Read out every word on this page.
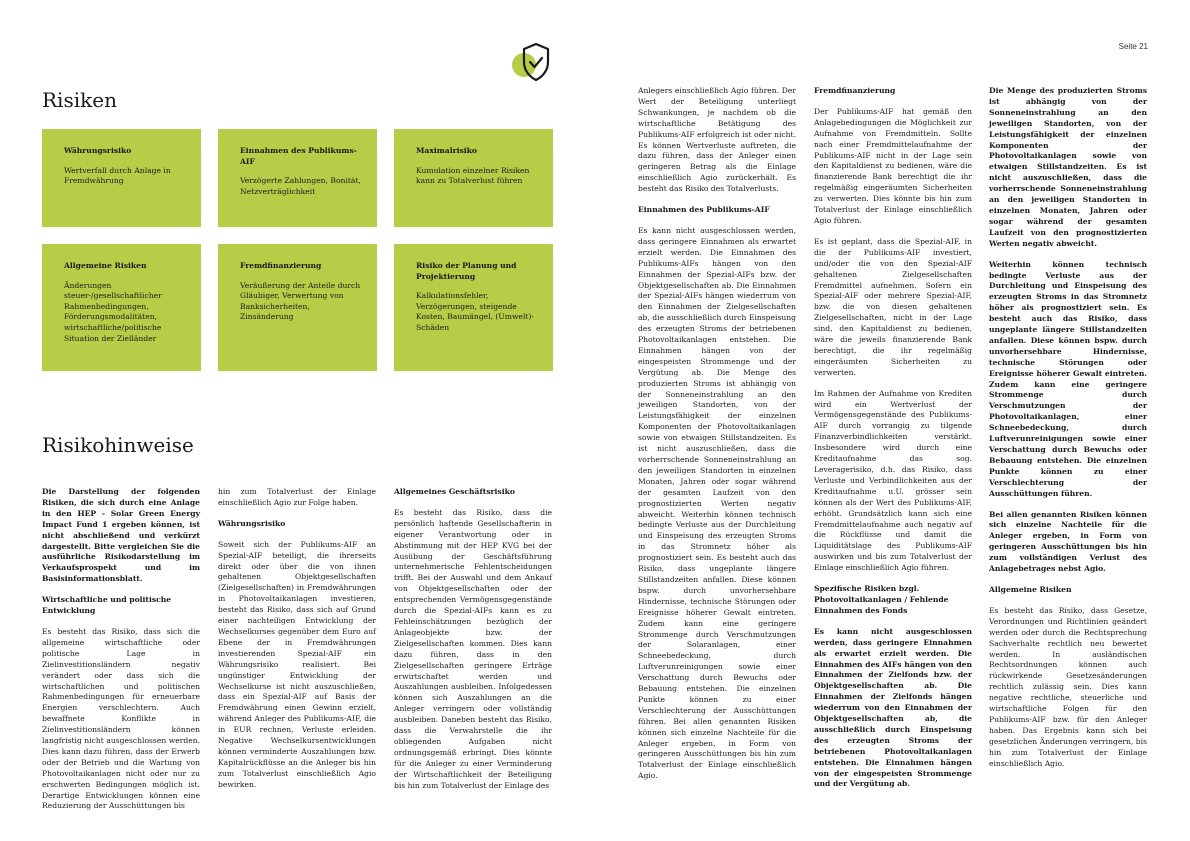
Risiken
Währungsrisiko
Wertverfall durch Anlage in Fremdwährung
Einnahmen des Publikums-AIF
Verzögerte Zahlungen, Bonität, Netzverträglichkeit
Maximalrisiko
Kumulation einzelner Risiken kann zu Totalverlust führen
Allgemeine Risiken
Änderungen steuer-/gesellschaftlicher Rahmenbedingungen, Förderungsmodalitäten, wirtschaftliche/politische Situation der Zielländer
Fremdfinanzierung
Veräußerung der Anteile durch Gläubiger, Verwertung von Banksicherheiten, Zinsänderung
Risiko der Planung und Projektierung
Kalkulationsfehler, Verzögerungen, steigende Kosten, Baumängel, (Umwelt)-Schäden
Risikohinweise

Die Darstellung der folgenden Risiken, die sich durch eine Anlage in den HEP - Solar Green Energy Impact Fund 1 ergeben können, ist nicht abschließend und verkürzt dargestellt. Bitte vergleichen Sie die ausführliche Risikodarstellung im Verkaufsprospekt und im Basisinformationsblatt.

Wirtschaftliche und politische Entwicklung

Es besteht das Risiko, dass sich die allgemeine wirtschaftliche oder politische Lage in Zielinvestitionsländern negativ verändert oder dass sich die wirtschaftlichen und politischen Rahmenbedingungen für erneuerbare Energien verschlechtern. Auch bewaffnete Konflikte in Zielinvestitionsländern können langfristig nicht ausgeschlossen werden. Dies kann dazu führen, dass der Erwerb oder der Betrieb und die Wartung von Photovoltaikanlagen nicht oder nur zu erschwerten Bedingungen möglich ist. Derartige Entwicklungen können eine Reduzierung der Ausschüttungen bis

hin zum Totalverlust der Einlage einschließlich Agio zur Folge haben.

Währungsrisiko

Soweit sich der Publikums-AIF an Spezial-AIF beteiligt, die ihrerseits direkt oder über die von ihnen gehaltenen Objektgesellschaften (Zielgesellschaften) in Fremdwährungen in Photovoltaikanlagen investieren, besteht das Risiko, dass sich auf Grund einer nachteiligen Entwicklung der Wechselkurses gegenüber dem Euro auf Ebene der in Fremdwährungen investierenden Spezial-AIF ein Währungsrisiko realisiert. Bei ungünstiger Entwicklung der Wechselkurse ist nicht auszuschließen, dass ein Spezial-AIF auf Basis der Fremdwährung einen Gewinn erzielt, während Anleger des Publikums-AIF, die in EUR rechnen, Verluste erleiden. Negative Wechselkursentwicklungen können verminderte Auszahlungen bzw. Kapitalrückflüsse an die Anleger bis hin zum Totalverlust einschließlich Agio bewirken.

Allgemeines Geschäftsrisiko

Es besteht das Risiko, dass die persönlich haftende Gesellschafterin in eigener Verantwortung oder in Abstimmung mit der HEP KVG bei der Ausübung der Geschäftsführung unternehmerische Fehlentscheidungen trifft. Bei der Auswahl und dem Ankauf von Objektgesellschaften oder der entsprechenden Vermögensgegenstände durch die Spezial-AIFs kann es zu Fehleinschätzungen bezüglich der Anlageobjekte bzw. der Zielgesellschaften kommen. Dies kann dazu führen, dass in den Zielgesellschaften geringere Erträge erwirtschaftet werden und Auszahlungen ausbleiben. Infolgedessen können sich Auszahlungen an die Anleger verringern oder vollständig ausbleiben. Daneben besteht das Risiko, dass die Verwahrstelle die ihr obliegenden Aufgaben nicht ordnungsgemäß erbringt. Dies könnte für die Anleger zu einer Verminderung der Wirtschaftlichkeit der Beteiligung bis hin zum Totalverlust der Einlage des

Seite 21

Anlegers einschließlich Agio führen. Der Wert der Beteiligung unterliegt Schwankungen, je nachdem ob die wirtschaftliche Betätigung des Publikums-AIF erfolgreich ist oder nicht. Es können Wertverluste auftreten, die dazu führen, dass der Anleger einen geringeren Betrag als die Einlage einschließlich Agio zurückerhält. Es besteht das Risiko des Totalverlusts.

Einnahmen des Publikums-AIF

Es kann nicht ausgeschlossen werden, dass geringere Einnahmen als erwartet erzielt werden. Die Einnahmen des Publikums-AIFs hängen von den Einnahmen der Spezial-AIFs bzw. der Objektgesellschaften ab. Die Einnahmen der Spezial-AIFs hängen wiederrum von den Einnahmen der Zielgesellschaften ab, die ausschließlich durch Einspeisung des erzeugten Stroms der betriebenen Photovoltaikanlagen entstehen. Die Einnahmen hängen von der eingespeisten Strommenge und der Vergütung ab. Die Menge des produzierten Stroms ist abhängig von der Sonneneinstrahlung an den jeweiligen Standorten, von der Leistungsfähigkeit der einzelnen Komponenten der Photovoltaikanlagen sowie von etwaigen Stillstandzeiten. Es ist nicht auszuschließen, dass die vorherrschende Sonneneinstrahlung an den jeweiligen Standorten in einzelnen Monaten, Jahren oder sogar während der gesamten Laufzeit von den prognostizierten Werten negativ abweicht. Weiterhin können technisch bedingte Verluste aus der Durchleitung und Einspeisung des erzeugten Stroms in das Stromnetz höher als prognostiziert sein. Es besteht auch das Risiko, dass ungeplante längere Stillstandzeiten anfallen. Diese können bspw. durch unvorhersehbare Hindernisse, technische Störungen oder Ereignisse höherer Gewalt eintreten. Zudem kann eine geringere Strommenge durch Verschmutzungen der Solaranlagen, einer Schneebedeckung, durch Luftverunreinigungen sowie einer Verschattung durch Bewuchs oder Bebauung entstehen. Die einzelnen Punkte können zu einer Verschlechterung der Ausschüttungen führen. Bei allen genannten Risiken können sich einzelne Nachteile für die Anleger ergeben, in Form von geringeren Ausschüttungen bis hin zum Totalverlust der Einlage einschließlich Agio.

Fremdfinanzierung

Der Publikums-AIF hat gemäß den Anlagebedingungen die Möglichkeit zur Aufnahme von Fremdmitteln. Sollte nach einer Fremdmittelaufnahme der Publikums-AIF nicht in der Lage sein den Kapitaldienst zu bedienen, wäre die finanzierende Bank berechtigt die ihr regelmäßig eingeräumten Sicherheiten zu verwerten. Dies könnte bis hin zum Totalverlust der Einlage einschließlich Agio führen.

Es ist geplant, dass die Spezial-AIF, in die der Publikums-AIF investiert, und/oder die von den Spezial-AIF gehaltenen Zielgesellschaften Fremdmittel aufnehmen. Sofern ein Spezial-AIF oder mehrere Spezial-AIF, bzw. die von diesen gehaltenen Zielgesellschaften, nicht in der Lage sind, den Kapitaldienst zu bedienen, wäre die jeweils finanzierende Bank berechtigt, die ihr regelmäßig eingeräumten Sicherheiten zu verwerten.

Im Rahmen der Aufnahme von Krediten wird ein Wertverlust der Vermögensgegenstände des Publikums-AIF durch vorrangig zu tilgende Finanzverbindlichkeiten verstärkt. Insbesondere wird durch eine Kreditaufnahme das sog. Leveragerisiko, d.h. das Risiko, dass Verluste und Verbindlichkeiten aus der Kreditaufnahme u.U. grösser sein können als der Wert des Publikums-AIF, erhöht. Grundsätzlich kann sich eine Fremdmittelaufnahme auch negativ auf die Rückflüsse und damit die Liquiditätslage des Publikums-AIF auswirken und bis zum Totalverlust der Einlage einschließlich Agio führen.

Spezifische Risiken bzgl. Photovoltaikanlagen / Fehlende Einnahmen des Fonds

Es kann nicht ausgeschlossen werden, dass geringere Einnahmen als erwartet erzielt werden. Die Einnahmen des AIFs hängen von den Einnahmen der Zielfonds bzw. der Objektgesellschaften ab. Die Einnahmen der Zielfonds hängen wiederrum von den Einnahmen der Objektgesellschaften ab, die ausschließlich durch Einspeisung des erzeugten Stroms der betriebenen Photovoltaikanlagen entstehen. Die Einnahmen hängen von der eingespeisten Strommenge und der Vergütung ab.

Die Menge des produzierten Stroms ist abhängig von der Sonneneinstrahlung an den jeweiligen Standorten, von der Leistungsfähigkeit der einzelnen Komponenten der Photovoltaikanlagen sowie von etwaigen Stillstandzeiten. Es ist nicht auszuschließen, dass die vorherrschende Sonneneinstrahlung an den jeweiligen Standorten in einzelnen Monaten, Jahren oder sogar während der gesamten Laufzeit von den prognostizierten Werten negativ abweicht.

Weiterhin können technisch bedingte Verluste aus der Durchleitung und Einspeisung des erzeugten Stroms in das Stromnetz höher als prognostiziert sein. Es besteht auch das Risiko, dass ungeplante längere Stillstandzeiten anfallen. Diese können bspw. durch unvorhersehbare Hindernisse, technische Störungen oder Ereignisse höherer Gewalt eintreten. Zudem kann eine geringere Strommenge durch Verschmutzungen der Photovoltaikanlagen, einer Schneebedeckung, durch Luftverunreinigungen sowie einer Verschattung durch Bewuchs oder Bebauung entstehen. Die einzelnen Punkte können zu einer Verschlechterung der Ausschüttungen führen.

Bei allen genannten Risiken können sich einzelne Nachteile für die Anleger ergeben, in Form von geringeren Ausschüttungen bis hin zum vollständigen Verlust des Anlagebetrages nebst Agio.

Allgemeine Risiken

Es besteht das Risiko, dass Gesetze, Verordnungen und Richtlinien geändert werden oder durch die Rechtsprechung Sachverhalte rechtlich neu bewertet werden. In ausländischen Rechtsordnungen können auch rückwirkende Gesetzesänderungen rechtlich zulässig sein. Dies kann negative rechtliche, steuerliche und wirtschaftliche Folgen für den Publikums-AIF bzw. für den Anleger haben. Das Ergebnis kann sich bei gesetzlichen Änderungen verringern, bis hin zum Totalverlust der Einlage einschließlich Agio.
